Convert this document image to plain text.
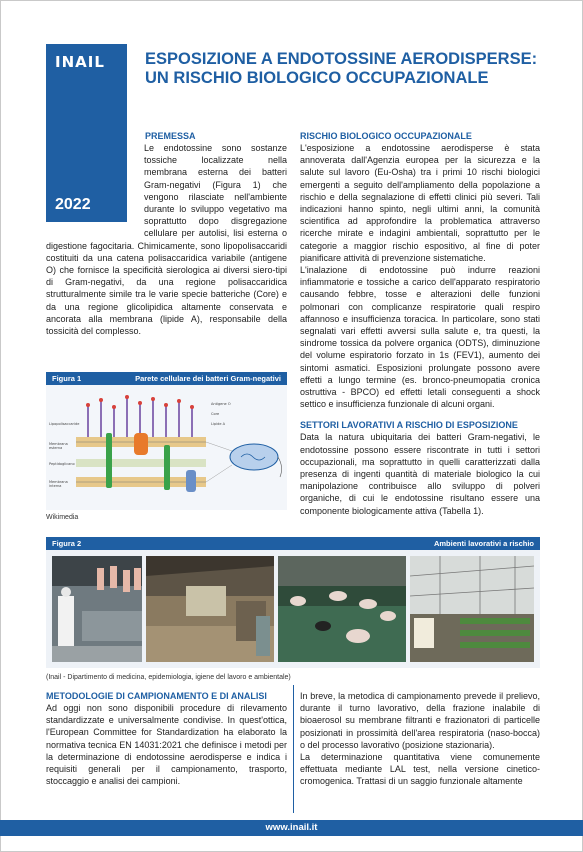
INAIL
2022
ESPOSIZIONE A ENDOTOSSINE AERODISPERSE:
UN RISCHIO BIOLOGICO OCCUPAZIONALE
PREMESSA

Le endotossine sono sostanze tossiche localizzate nella membrana esterna dei batteri Gram-negativi (Figura 1) che vengono rilasciate nell'ambiente durante lo sviluppo vegetativo ma soprattutto dopo disgregazione cellulare per autolisi, lisi esterna o digestione fagocitaria. Chimicamente, sono lipopolisaccaridi costituiti da una catena polisaccaridica variabile (antigene O) che fornisce la specificità sierologica ai diversi siero-tipi di Gram-negativi, da una regione polisaccaridica strutturalmente simile tra le varie specie batteriche (Core) e da una regione glicolipidica altamente conservata e ancorata alla membrana (lipide A), responsabile della tossicità del complesso.

Figura 1	Parete cellulare dei batteri Gram-negativi
Lipopolisaccaride
Membrana
esterna
Peptidoglicano
Membrana
interna
Antigene O
Core
Lipide A
Wikimedia
RISCHIO BIOLOGICO OCCUPAZIONALE

L'esposizione a endotossine aerodisperse è stata annoverata dall'Agenzia europea per la sicurezza e la salute sul lavoro (Eu-Osha) tra i primi 10 rischi biologici emergenti a seguito dell'ampliamento della popolazione a rischio e della segnalazione di effetti clinici più severi. Tali indicazioni hanno spinto, negli ultimi anni, la comunità scientifica ad approfondire la problematica attraverso ricerche mirate e indagini ambientali, soprattutto per le categorie a maggior rischio espositivo, al fine di poter pianificare attività di prevenzione sistematiche.

L'inalazione di endotossine può indurre reazioni infiammatorie e tossiche a carico dell'apparato respiratorio causando febbre, tosse e alterazioni delle funzioni polmonari con complicanze respiratorie quali respiro affannoso e insufficienza toracica. In particolare, sono stati segnalati vari effetti avversi sulla salute e, tra questi, la sindrome tossica da polvere organica (ODTS), diminuzione del volume espiratorio forzato in 1s (FEV1), aumento dei sintomi asmatici. Esposizioni prolungate possono avere effetti a lungo termine (es. bronco-pneumopatia cronica ostruttiva - BPCO) ed effetti letali conseguenti a shock settico e insufficienza funzionale di alcuni organi.

SETTORI LAVORATIVI A RISCHIO DI ESPOSIZIONE
Data la natura ubiquitaria dei batteri Gram-negativi, le endotossine possono essere riscontrate in tutti i settori occupazionali, ma soprattutto in quelli caratterizzati dalla presenza di ingenti quantità di materiale biologico la cui manipolazione contribuisce allo sviluppo di polveri organiche, di cui le endotossine risultano essere una componente biologicamente attiva (Tabella 1).
Figura 2	Ambienti lavorativi a rischio
(Inail - Dipartimento di medicina, epidemiologia, igiene del lavoro e ambientale)
METODOLOGIE DI CAMPIONAMENTO E DI ANALISI
Ad oggi non sono disponibili procedure di rilevamento standardizzate e universalmente condivise. In quest'ottica, l'European Committee for Standardization ha elaborato la normativa tecnica EN 14031:2021 che definisce i metodi per la determinazione di endotossine aerodisperse e indica i requisiti generali per il campionamento, trasporto, stoccaggio e analisi dei campioni.

In breve, la metodica di campionamento prevede il prelievo, durante il turno lavorativo, della frazione inalabile di bioaerosol su membrane filtranti e frazionatori di particelle posizionati in prossimità dell'area respiratoria (naso-bocca) o del processo lavorativo (posizione stazionaria).

La determinazione quantitativa viene comunemente effettuata mediante LAL test, nella versione cinetico-cromogenica. Trattasi di un saggio funzionale altamente

www.inail.it
